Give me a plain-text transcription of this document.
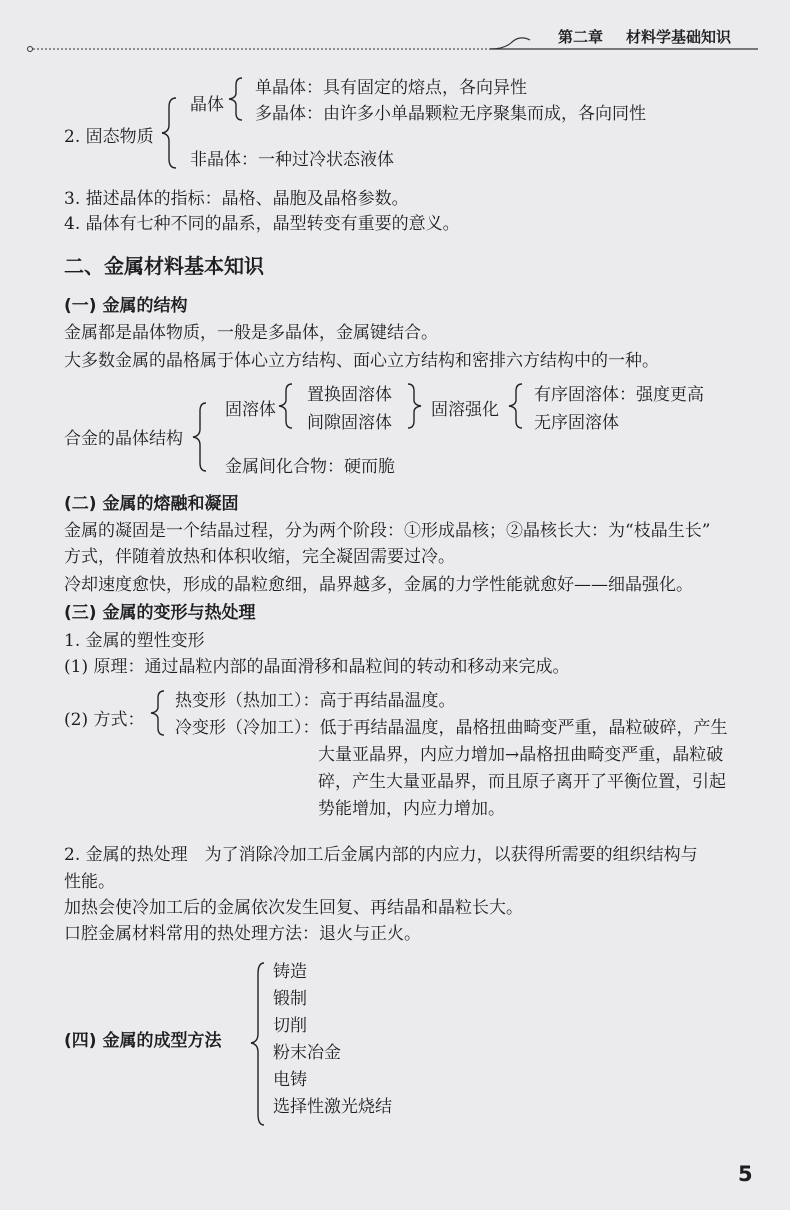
第二章 材料学基础知识
2. 固态物质
晶体
单晶体：具有固定的熔点，各向异性
多晶体：由许多小单晶颗粒无序聚集而成，各向同性
非晶体：一种过冷状态液体
3. 描述晶体的指标：晶格、晶胞及晶格参数。
4. 晶体有七种不同的晶系，晶型转变有重要的意义。
二、金属材料基本知识
(一) 金属的结构
金属都是晶体物质，一般是多晶体，金属键结合。
大多数金属的晶格属于体心立方结构、面心立方结构和密排六方结构中的一种。
合金的晶体结构
固溶体
置换固溶体
间隙固溶体
固溶强化
有序固溶体：强度更高
无序固溶体
金属间化合物：硬而脆
(二) 金属的熔融和凝固
金属的凝固是一个结晶过程，分为两个阶段：①形成晶核；②晶核长大：为“枝晶生长”
方式，伴随着放热和体积收缩，完全凝固需要过冷。
冷却速度愈快，形成的晶粒愈细，晶界越多，金属的力学性能就愈好——细晶强化。
(三) 金属的变形与热处理
1. 金属的塑性变形
(1) 原理：通过晶粒内部的晶面滑移和晶粒间的转动和移动来完成。
(2) 方式：
热变形（热加工）：高于再结晶温度。
冷变形（冷加工）：低于再结晶温度，晶格扭曲畸变严重，晶粒破碎，产生
大量亚晶界，内应力增加→晶格扭曲畸变严重，晶粒破
碎，产生大量亚晶界，而且原子离开了平衡位置，引起
势能增加，内应力增加。
2. 金属的热处理　为了消除冷加工后金属内部的内应力，以获得所需要的组织结构与
性能。
加热会使冷加工后的金属依次发生回复、再结晶和晶粒长大。
口腔金属材料常用的热处理方法：退火与正火。
(四) 金属的成型方法
铸造
锻制
切削
粉末冶金
电铸
选择性激光烧结
5
